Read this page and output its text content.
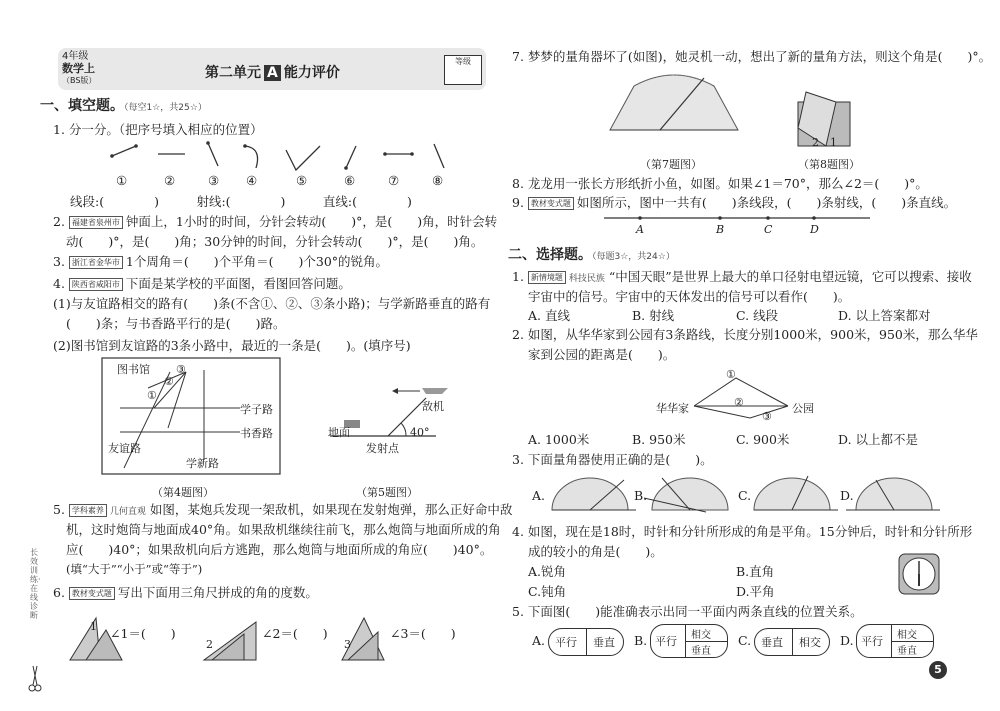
4年级
数学上
（BS版）	第二单元 A 能力评价
等级
一、填空题。（每空1☆，共25☆）
1. 分一分。（把序号填入相应的位置）
①	②	③ ④	⑤	⑥	⑦	⑧
线段:(　　　　)　　　射线:(　　　　)　　　直线:(　　　　)
2. 福建省泉州市 钟面上，1小时的时间，分针会转动(　　)°，是(　　)角，时针会转
动(　　)°，是(　　)角；30分钟的时间，分针会转动(　　)°，是(　　)角。
3. 浙江省金华市 1个周角＝(　　)个平角＝(　　)个30°的锐角。
4. 陕西省咸阳市 下面是某学校的平面图，看图回答问题。
(1)与友谊路相交的路有(　　)条(不含①、②、③条小路)；与学新路垂直的路有
(　　)条；与书香路平行的是(　　)路。
(2)图书馆到友谊路的3条小路中，最近的一条是(　　)。(填序号)
图书馆 ③
②
①
学子路
书香路
友谊路
学新路
敌机
地面	40°
发射点
（第4题图）	（第5题图）
5. 学科素养 几何直观 如图，某炮兵发现一架敌机，如果现在发射炮弹，那么正好命中敌
机，这时炮筒与地面成40°角。如果敌机继续往前飞，那么炮筒与地面所成的角
应(　　)40°；如果敌机向后方逃跑，那么炮筒与地面所成的角应(　　)40°。
(填“大于”“小于”或“等于”)
6. 教材变式题 写出下面用三角尺拼成的角的度数。
1
2	3
∠1＝(　　)	∠2＝(　　)	∠3＝(　　)
7. 梦梦的量角器坏了(如图)，她灵机一动，想出了新的量角方法，则这个角是(　　)°。
2 1
（第7题图）	（第8题图）
8. 龙龙用一张长方形纸折小鱼，如图。如果∠1＝70°，那么∠2＝(　　)°。
9. 教材变式题 如图所示，图中一共有(　　)条线段，(　　)条射线，(　　)条直线。
A	B	C	D
二、选择题。（每题3☆，共24☆）
1. 新情境题 科技民族 “中国天眼”是世界上最大的单口径射电望远镜，它可以搜索、接收
宇宙中的信号。宇宙中的天体发出的信号可以看作(　　)。
A. 直线	B. 射线	C. 线段	D. 以上答案都对
2. 如图，从华华家到公园有3条路线，长度分别1000米，900米，950米，那么华华
家到公园的距离是(　　)。
①
②
③
华华家	公园
A. 1000米	B. 950米	C. 900米	D. 以上都不是
3. 下面量角器使用正确的是(　　)。
A.	B.	C.	D.
4. 如图，现在是18时，时针和分针所形成的角是平角。15分钟后，时针和分针所形
成的较小的角是(　　)。
A.锐角	B.直角
C.钝角	D.平角
5. 下面图(　　)能准确表示出同一平面内两条直线的位置关系。
A. 平行 垂直 B. 平行 相交
垂直
C. 垂直 相交 D. 平行 相交
垂直
5
长效训练·在线诊断
